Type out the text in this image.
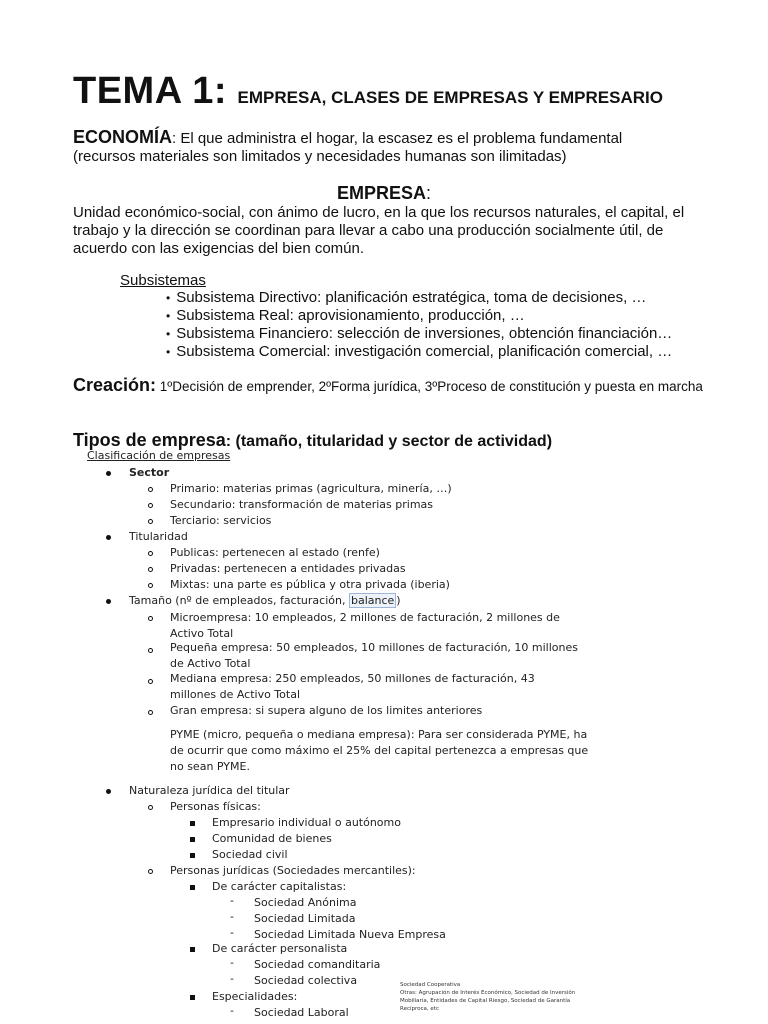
TEMA 1: EMPRESA, CLASES DE EMPRESAS Y EMPRESARIO
ECONOMÍA: El que administra el hogar, la escasez es el problema fundamental
(recursos materiales son limitados y necesidades humanas son ilimitadas)
EMPRESA:
Unidad económico-social, con ánimo de lucro, en la que los recursos naturales, el capital, el trabajo y la dirección se coordinan para llevar a cabo una producción socialmente útil, de acuerdo con las exigencias del bien común.
Subsistemas
• Subsistema Directivo: planificación estratégica, toma de decisiones, …
• Subsistema Real: aprovisionamiento, producción, …
• Subsistema Financiero: selección de inversiones, obtención financiación…
• Subsistema Comercial: investigación comercial, planificación comercial, …
Creación: 1ºDecisión de emprender, 2ºForma jurídica, 3ºProceso de constitución y puesta en marcha
Tipos de empresa: (tamaño, titularidad y sector de actividad)
Clasificación de empresas
Sector
Primario: materias primas (agricultura, minería, …)
Secundario: transformación de materias primas
Terciario: servicios
Titularidad
Publicas: pertenecen al estado (renfe)
Privadas: pertenecen a entidades privadas
Mixtas: una parte es pública y otra privada (iberia)
Tamaño (nº de empleados, facturación, balance )
Microempresa: 10 empleados, 2 millones de facturación, 2 millones de Activo Total
Pequeña empresa: 50 empleados, 10 millones de facturación, 10 millones de Activo Total
Mediana empresa: 250 empleados, 50 millones de facturación, 43 millones de Activo Total
Gran empresa: si supera alguno de los limites anteriores
PYME (micro, pequeña o mediana empresa): Para ser considerada PYME, ha de ocurrir que como máximo el 25% del capital pertenezca a empresas que no sean PYME.
Naturaleza jurídica del titular
Personas físicas:
Empresario individual o autónomo
Comunidad de bienes
Sociedad civil
Personas jurídicas (Sociedades mercantiles):
De carácter capitalistas:
- Sociedad Anónima
- Sociedad Limitada
- Sociedad Limitada Nueva Empresa
De carácter personalista
- Sociedad comanditaria
- Sociedad colectiva
Especialidades:
- Sociedad Laboral
Sociedad Cooperativa
Otras: Agrupación de Interés Económico, Sociedad de Inversión Mobiliaria, Entidades de Capital Riesgo, Sociedad de Garantía Recíproca, etc
